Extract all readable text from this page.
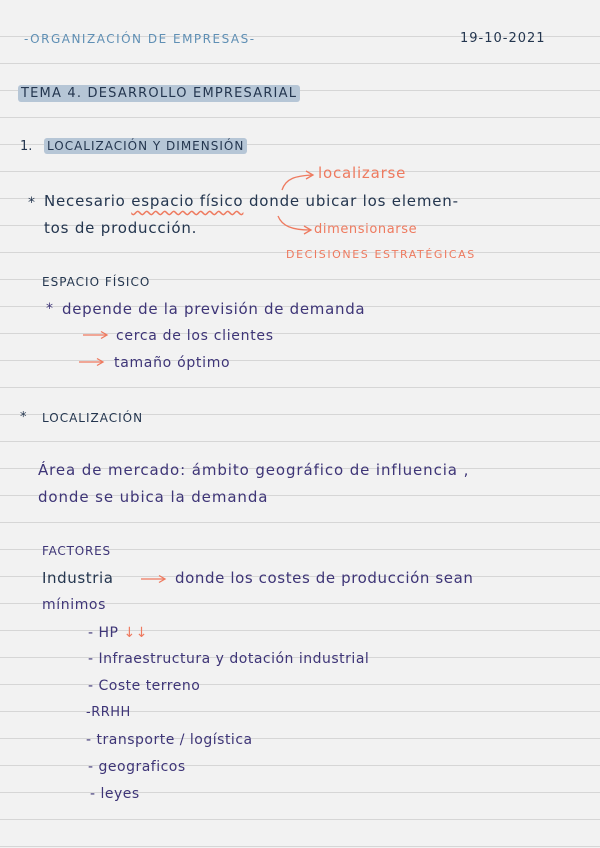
-ORGANIZACIÓN DE EMPRESAS-	19-10-2021
TEMA 4. DESARROLLO EMPRESARIAL
1. LOCALIZACIÓN Y DIMENSIÓN
* Necesario espacio físico donde ubicar los elemen-
tos de producción.
localizarse
dimensionarse
DECISIONES ESTRATÉGICAS
ESPACIO FÍSICO
* depende de la previsión de demanda
cerca de los clientes
tamaño óptimo
* LOCALIZACIÓN
Área de mercado: ámbito geográfico de influencia ,
donde se ubica la demanda
FACTORES
Industria	donde los costes de producción sean
mínimos
- HP ↓↓
- Infraestructura y dotación industrial
- Coste terreno
-RRHH
- transporte / logística
- geograficos
- leyes
